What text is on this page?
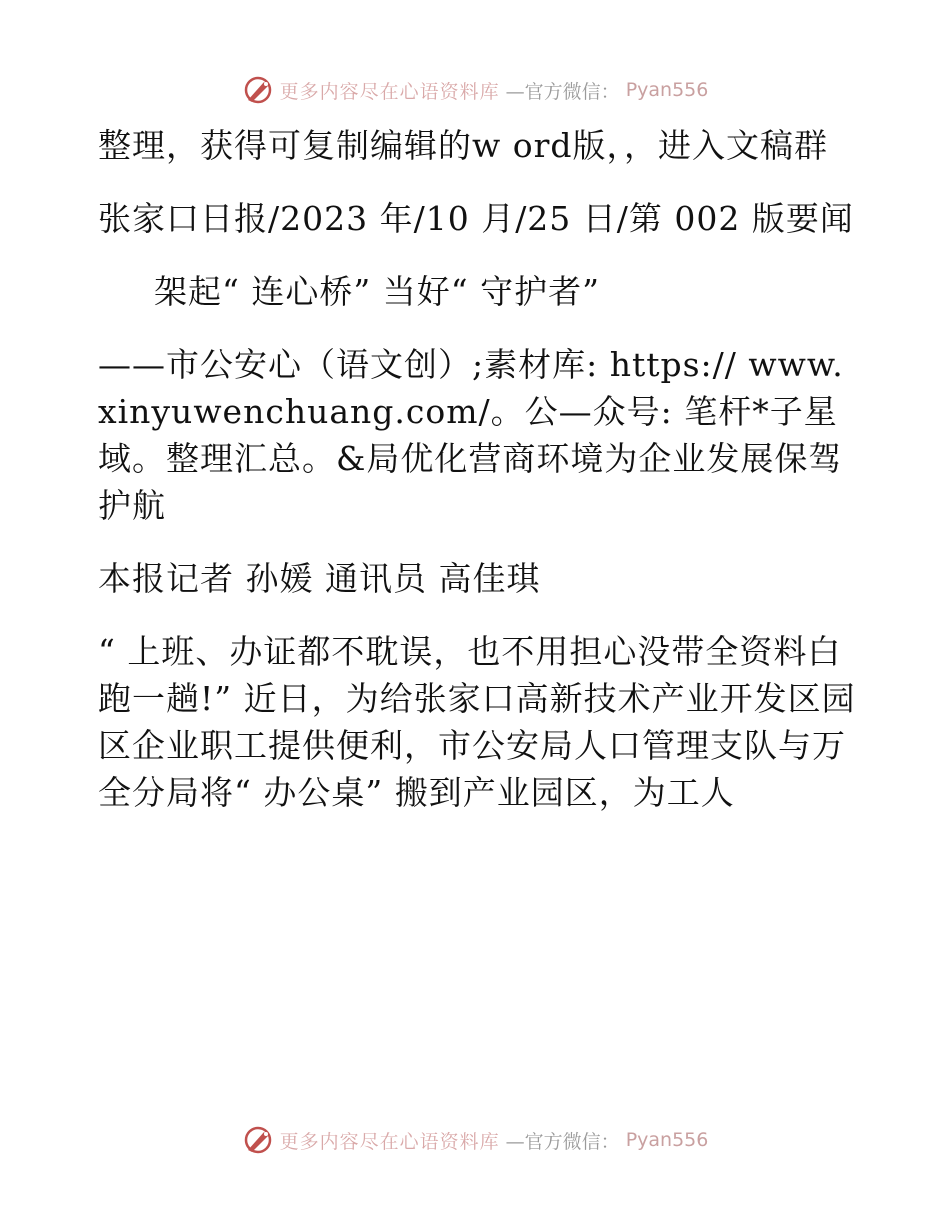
更多内容尽在心语资料库 —官方微信： Pyan556

整理，获得可复制编辑的w ord版，，进入文稿群

张家口日报/2023 年/10 月/25 日/第 002 版要闻

架起“ 连心桥” 当好“ 守护者”

——市公安心（语文创）;素材库: https:// www.xinyuwenchuang.com/。公—众号: 笔杆*子星域。整理汇总。&局优化营商环境为企业发展保驾护航

本报记者 孙媛 通讯员 高佳琪

“ 上班、办证都不耽误，也不用担心没带全资料白跑一趟!” 近日，为给张家口高新技术产业开发区园区企业职工提供便利，市公安局人口管理支队与万全分局将“ 办公桌” 搬到产业园区，为工人

更多内容尽在心语资料库 —官方微信： Pyan556
